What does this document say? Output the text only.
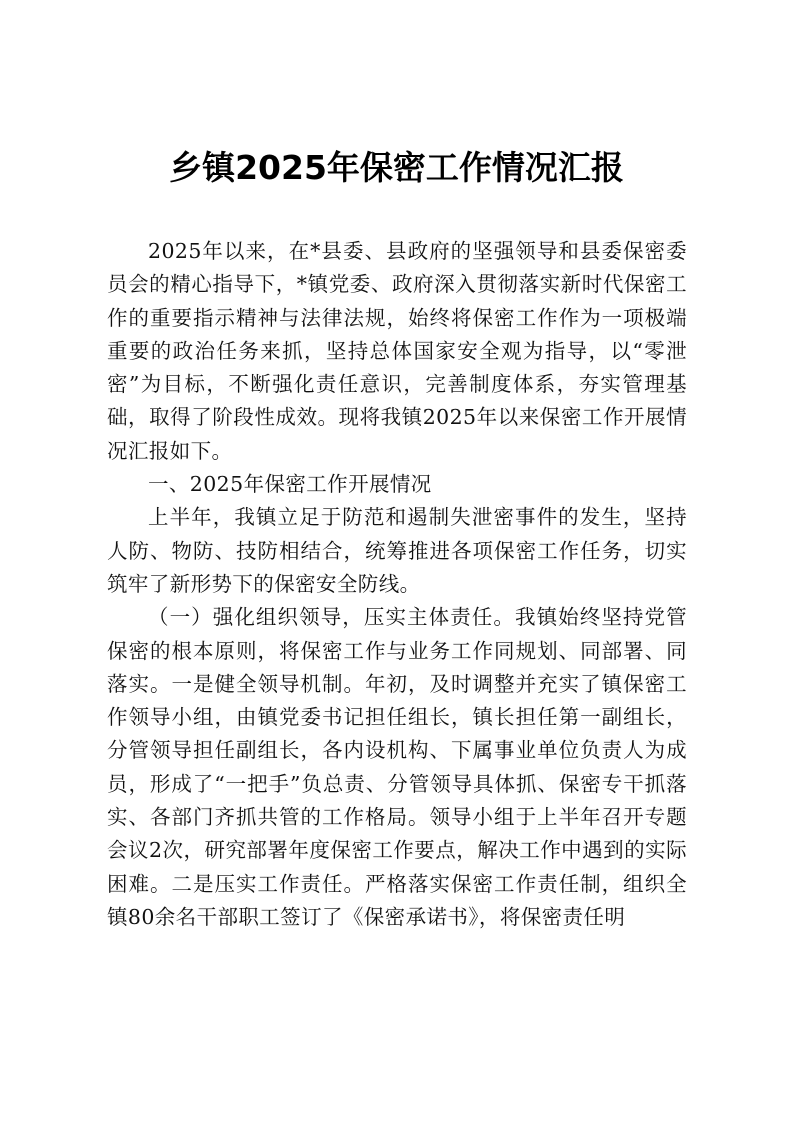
乡镇2025年保密工作情况汇报

2025年以来，在*县委、县政府的坚强领导和县委保密委员会的精心指导下，*镇党委、政府深入贯彻落实新时代保密工作的重要指示精神与法律法规，始终将保密工作作为一项极端重要的政治任务来抓，坚持总体国家安全观为指导，以“零泄密”为目标，不断强化责任意识，完善制度体系，夯实管理基础，取得了阶段性成效。现将我镇2025年以来保密工作开展情况汇报如下。

一、2025年保密工作开展情况

上半年，我镇立足于防范和遏制失泄密事件的发生，坚持人防、物防、技防相结合，统筹推进各项保密工作任务，切实筑牢了新形势下的保密安全防线。

（一）强化组织领导，压实主体责任。我镇始终坚持党管保密的根本原则，将保密工作与业务工作同规划、同部署、同落实。一是健全领导机制。年初，及时调整并充实了镇保密工作领导小组，由镇党委书记担任组长，镇长担任第一副组长，分管领导担任副组长，各内设机构、下属事业单位负责人为成员，形成了“一把手”负总责、分管领导具体抓、保密专干抓落实、各部门齐抓共管的工作格局。领导小组于上半年召开专题会议2次，研究部署年度保密工作要点，解决工作中遇到的实际困难。二是压实工作责任。严格落实保密工作责任制，组织全镇80余名干部职工签订了《保密承诺书》，将保密责任明
